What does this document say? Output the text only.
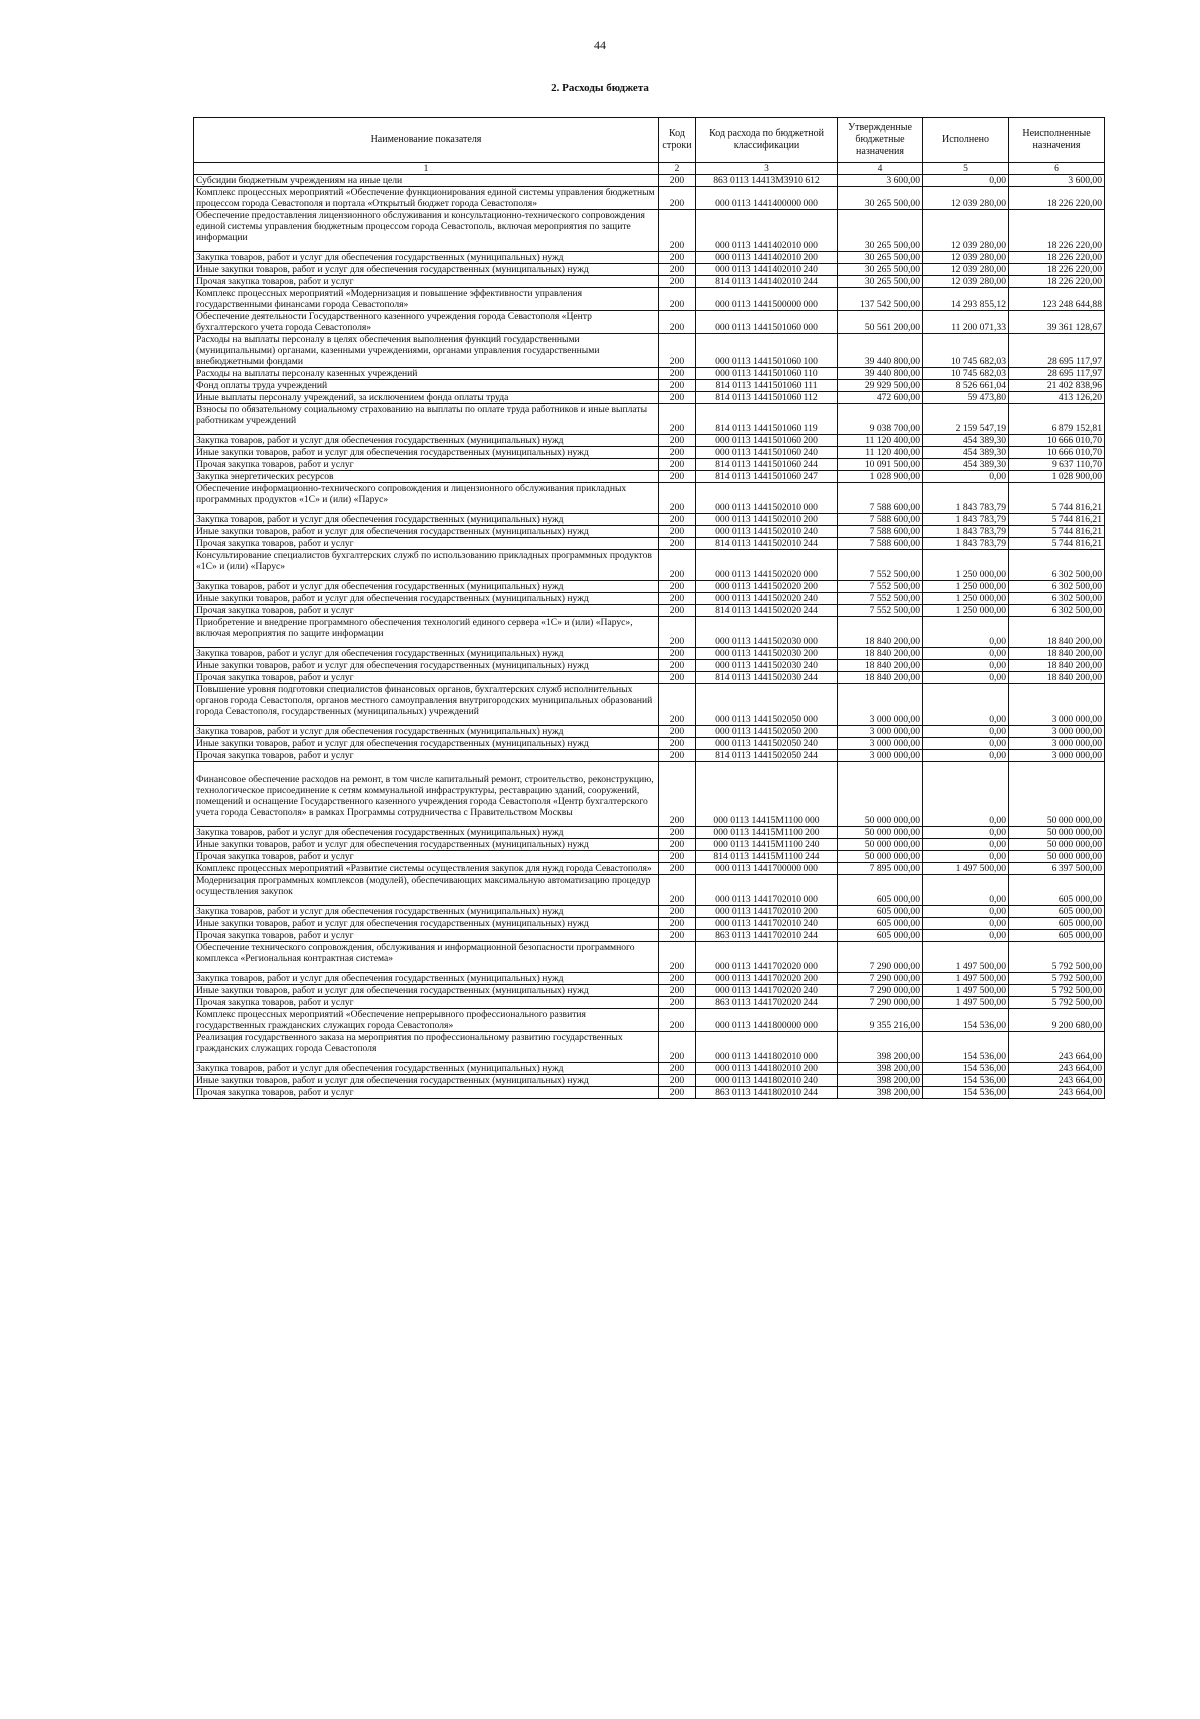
44
2. Расходы бюджета
Наименование показателя	Код строки	Код расхода по бюджетной классификации	Утвержденные бюджетные назначения	Исполнено	Неисполненные назначения
1	2	3	4	5	6
Субсидии бюджетным учреждениям на иные цели	200	863 0113 14413М3910 612	3 600,00	0,00	3 600,00
Комплекс процессных мероприятий «Обеспечение функционирования единой системы управления бюджетным процессом города Севастополя и портала «Открытый бюджет города Севастополя»	200	000 0113 1441400000 000	30 265 500,00	12 039 280,00	18 226 220,00
Обеспечение предоставления лицензионного обслуживания и консультационно-технического сопровождения единой системы управления бюджетным процессом города Севастополь, включая мероприятия по защите информации	200	000 0113 1441402010 000	30 265 500,00	12 039 280,00	18 226 220,00
Закупка товаров, работ и услуг для обеспечения государственных (муниципальных) нужд	200	000 0113 1441402010 200	30 265 500,00	12 039 280,00	18 226 220,00
Иные закупки товаров, работ и услуг для обеспечения государственных (муниципальных) нужд	200	000 0113 1441402010 240	30 265 500,00	12 039 280,00	18 226 220,00
Прочая закупка товаров, работ и услуг	200	814 0113 1441402010 244	30 265 500,00	12 039 280,00	18 226 220,00
Комплекс процессных мероприятий «Модернизация и повышение эффективности управления государственными финансами города Севастополя»	200	000 0113 1441500000 000	137 542 500,00	14 293 855,12	123 248 644,88
Обеспечение деятельности Государственного казенного учреждения города Севастополя «Центр бухгалтерского учета города Севастополя»	200	000 0113 1441501060 000	50 561 200,00	11 200 071,33	39 361 128,67
Расходы на выплаты персоналу в целях обеспечения выполнения функций государственными (муниципальными) органами, казенными учреждениями, органами управления государственными внебюджетными фондами	200	000 0113 1441501060 100	39 440 800,00	10 745 682,03	28 695 117,97
Расходы на выплаты персоналу казенных учреждений	200	000 0113 1441501060 110	39 440 800,00	10 745 682,03	28 695 117,97
Фонд оплаты труда учреждений	200	814 0113 1441501060 111	29 929 500,00	8 526 661,04	21 402 838,96
Иные выплаты персоналу учреждений, за исключением фонда оплаты труда	200	814 0113 1441501060 112	472 600,00	59 473,80	413 126,20
Взносы по обязательному социальному страхованию на выплаты по оплате труда работников и иные выплаты работникам учреждений	200	814 0113 1441501060 119	9 038 700,00	2 159 547,19	6 879 152,81
Закупка товаров, работ и услуг для обеспечения государственных (муниципальных) нужд	200	000 0113 1441501060 200	11 120 400,00	454 389,30	10 666 010,70
Иные закупки товаров, работ и услуг для обеспечения государственных (муниципальных) нужд	200	000 0113 1441501060 240	11 120 400,00	454 389,30	10 666 010,70
Прочая закупка товаров, работ и услуг	200	814 0113 1441501060 244	10 091 500,00	454 389,30	9 637 110,70
Закупка энергетических ресурсов	200	814 0113 1441501060 247	1 028 900,00	0,00	1 028 900,00
Обеспечение информационно-технического сопровождения и лицензионного обслуживания прикладных программных продуктов «1С» и (или) «Парус»	200	000 0113 1441502010 000	7 588 600,00	1 843 783,79	5 744 816,21
Закупка товаров, работ и услуг для обеспечения государственных (муниципальных) нужд	200	000 0113 1441502010 200	7 588 600,00	1 843 783,79	5 744 816,21
Иные закупки товаров, работ и услуг для обеспечения государственных (муниципальных) нужд	200	000 0113 1441502010 240	7 588 600,00	1 843 783,79	5 744 816,21
Прочая закупка товаров, работ и услуг	200	814 0113 1441502010 244	7 588 600,00	1 843 783,79	5 744 816,21
Консультирование специалистов бухгалтерских служб по использованию прикладных программных продуктов «1С» и (или) «Парус»	200	000 0113 1441502020 000	7 552 500,00	1 250 000,00	6 302 500,00
Закупка товаров, работ и услуг для обеспечения государственных (муниципальных) нужд	200	000 0113 1441502020 200	7 552 500,00	1 250 000,00	6 302 500,00
Иные закупки товаров, работ и услуг для обеспечения государственных (муниципальных) нужд	200	000 0113 1441502020 240	7 552 500,00	1 250 000,00	6 302 500,00
Прочая закупка товаров, работ и услуг	200	814 0113 1441502020 244	7 552 500,00	1 250 000,00	6 302 500,00
Приобретение и внедрение программного обеспечения технологий единого сервера «1С» и (или) «Парус», включая мероприятия по защите информации	200	000 0113 1441502030 000	18 840 200,00	0,00	18 840 200,00
Закупка товаров, работ и услуг для обеспечения государственных (муниципальных) нужд	200	000 0113 1441502030 200	18 840 200,00	0,00	18 840 200,00
Иные закупки товаров, работ и услуг для обеспечения государственных (муниципальных) нужд	200	000 0113 1441502030 240	18 840 200,00	0,00	18 840 200,00
Прочая закупка товаров, работ и услуг	200	814 0113 1441502030 244	18 840 200,00	0,00	18 840 200,00
Повышение уровня подготовки специалистов финансовых органов, бухгалтерских служб исполнительных органов города Севастополя, органов местного самоуправления внутригородских муниципальных образований города Севастополя, государственных (муниципальных) учреждений	200	000 0113 1441502050 000	3 000 000,00	0,00	3 000 000,00
Закупка товаров, работ и услуг для обеспечения государственных (муниципальных) нужд	200	000 0113 1441502050 200	3 000 000,00	0,00	3 000 000,00
Иные закупки товаров, работ и услуг для обеспечения государственных (муниципальных) нужд	200	000 0113 1441502050 240	3 000 000,00	0,00	3 000 000,00
Прочая закупка товаров, работ и услуг	200	814 0113 1441502050 244	3 000 000,00	0,00	3 000 000,00
Финансовое обеспечение расходов на ремонт, в том числе капитальный ремонт, строительство, реконструкцию, технологическое присоединение к сетям коммунальной инфраструктуры, реставрацию зданий, сооружений, помещений и оснащение Государственного казенного учреждения города Севастополя «Центр бухгалтерского учета города Севастополя» в рамках Программы сотрудничества с Правительством Москвы	200	000 0113 14415М1100 000	50 000 000,00	0,00	50 000 000,00
Закупка товаров, работ и услуг для обеспечения государственных (муниципальных) нужд	200	000 0113 14415М1100 200	50 000 000,00	0,00	50 000 000,00
Иные закупки товаров, работ и услуг для обеспечения государственных (муниципальных) нужд	200	000 0113 14415М1100 240	50 000 000,00	0,00	50 000 000,00
Прочая закупка товаров, работ и услуг	200	814 0113 14415М1100 244	50 000 000,00	0,00	50 000 000,00
Комплекс процессных мероприятий «Развитие системы осуществления закупок для нужд города Севастополя»	200	000 0113 1441700000 000	7 895 000,00	1 497 500,00	6 397 500,00
Модернизация программных комплексов (модулей), обеспечивающих максимальную автоматизацию процедур осуществления закупок	200	000 0113 1441702010 000	605 000,00	0,00	605 000,00
Закупка товаров, работ и услуг для обеспечения государственных (муниципальных) нужд	200	000 0113 1441702010 200	605 000,00	0,00	605 000,00
Иные закупки товаров, работ и услуг для обеспечения государственных (муниципальных) нужд	200	000 0113 1441702010 240	605 000,00	0,00	605 000,00
Прочая закупка товаров, работ и услуг	200	863 0113 1441702010 244	605 000,00	0,00	605 000,00
Обеспечение технического сопровождения, обслуживания и информационной безопасности программного комплекса «Региональная контрактная система»	200	000 0113 1441702020 000	7 290 000,00	1 497 500,00	5 792 500,00
Закупка товаров, работ и услуг для обеспечения государственных (муниципальных) нужд	200	000 0113 1441702020 200	7 290 000,00	1 497 500,00	5 792 500,00
Иные закупки товаров, работ и услуг для обеспечения государственных (муниципальных) нужд	200	000 0113 1441702020 240	7 290 000,00	1 497 500,00	5 792 500,00
Прочая закупка товаров, работ и услуг	200	863 0113 1441702020 244	7 290 000,00	1 497 500,00	5 792 500,00
Комплекс процессных мероприятий «Обеспечение непрерывного профессионального развития государственных гражданских служащих города Севастополя»	200	000 0113 1441800000 000	9 355 216,00	154 536,00	9 200 680,00
Реализация государственного заказа на мероприятия по профессиональному развитию государственных гражданских служащих города Севастополя	200	000 0113 1441802010 000	398 200,00	154 536,00	243 664,00
Закупка товаров, работ и услуг для обеспечения государственных (муниципальных) нужд	200	000 0113 1441802010 200	398 200,00	154 536,00	243 664,00
Иные закупки товаров, работ и услуг для обеспечения государственных (муниципальных) нужд	200	000 0113 1441802010 240	398 200,00	154 536,00	243 664,00
Прочая закупка товаров, работ и услуг	200	863 0113 1441802010 244	398 200,00	154 536,00	243 664,00
